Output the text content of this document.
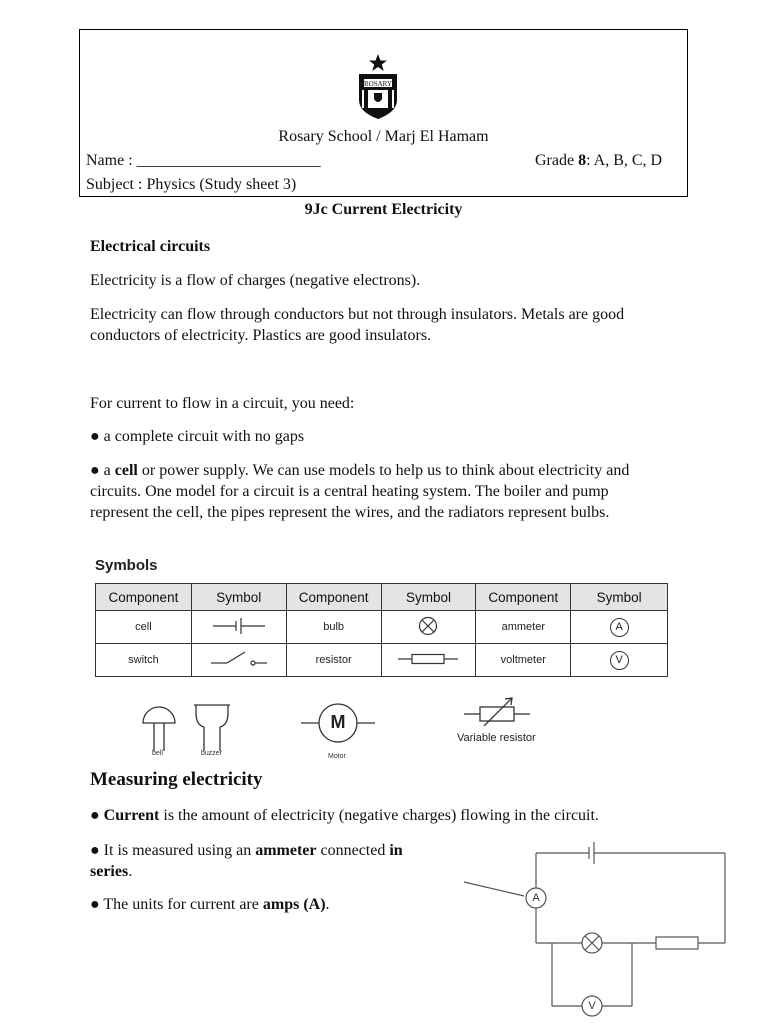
ROSARY
Rosary School / Marj El Hamam
Name : _______________________	Grade 8: A, B, C, D
Subject : Physics (Study sheet 3)
9Jc Current Electricity
Electrical circuits
Electricity is a flow of charges (negative electrons).
Electricity can flow through conductors but not through insulators. Metals are good conductors of electricity. Plastics are good insulators.
For current to flow in a circuit, you need:
● a complete circuit with no gaps
● a cell or power supply. We can use models to help us to think about electricity and circuits. One model for a circuit is a central heating system. The boiler and pump represent the cell, the pipes represent the wires, and the radiators represent bulbs.
Symbols
Component	Symbol	Component	Symbol	Component	Symbol
cell		bulb		ammeter	A
switch		resistor		voltmeter	V
bell	buzzer
M
Motor
Variable resistor
Measuring electricity
● Current is the amount of electricity (negative charges) flowing in the circuit.
● It is measured using an ammeter connected in series.
● The units for current are amps (A).	A
V
